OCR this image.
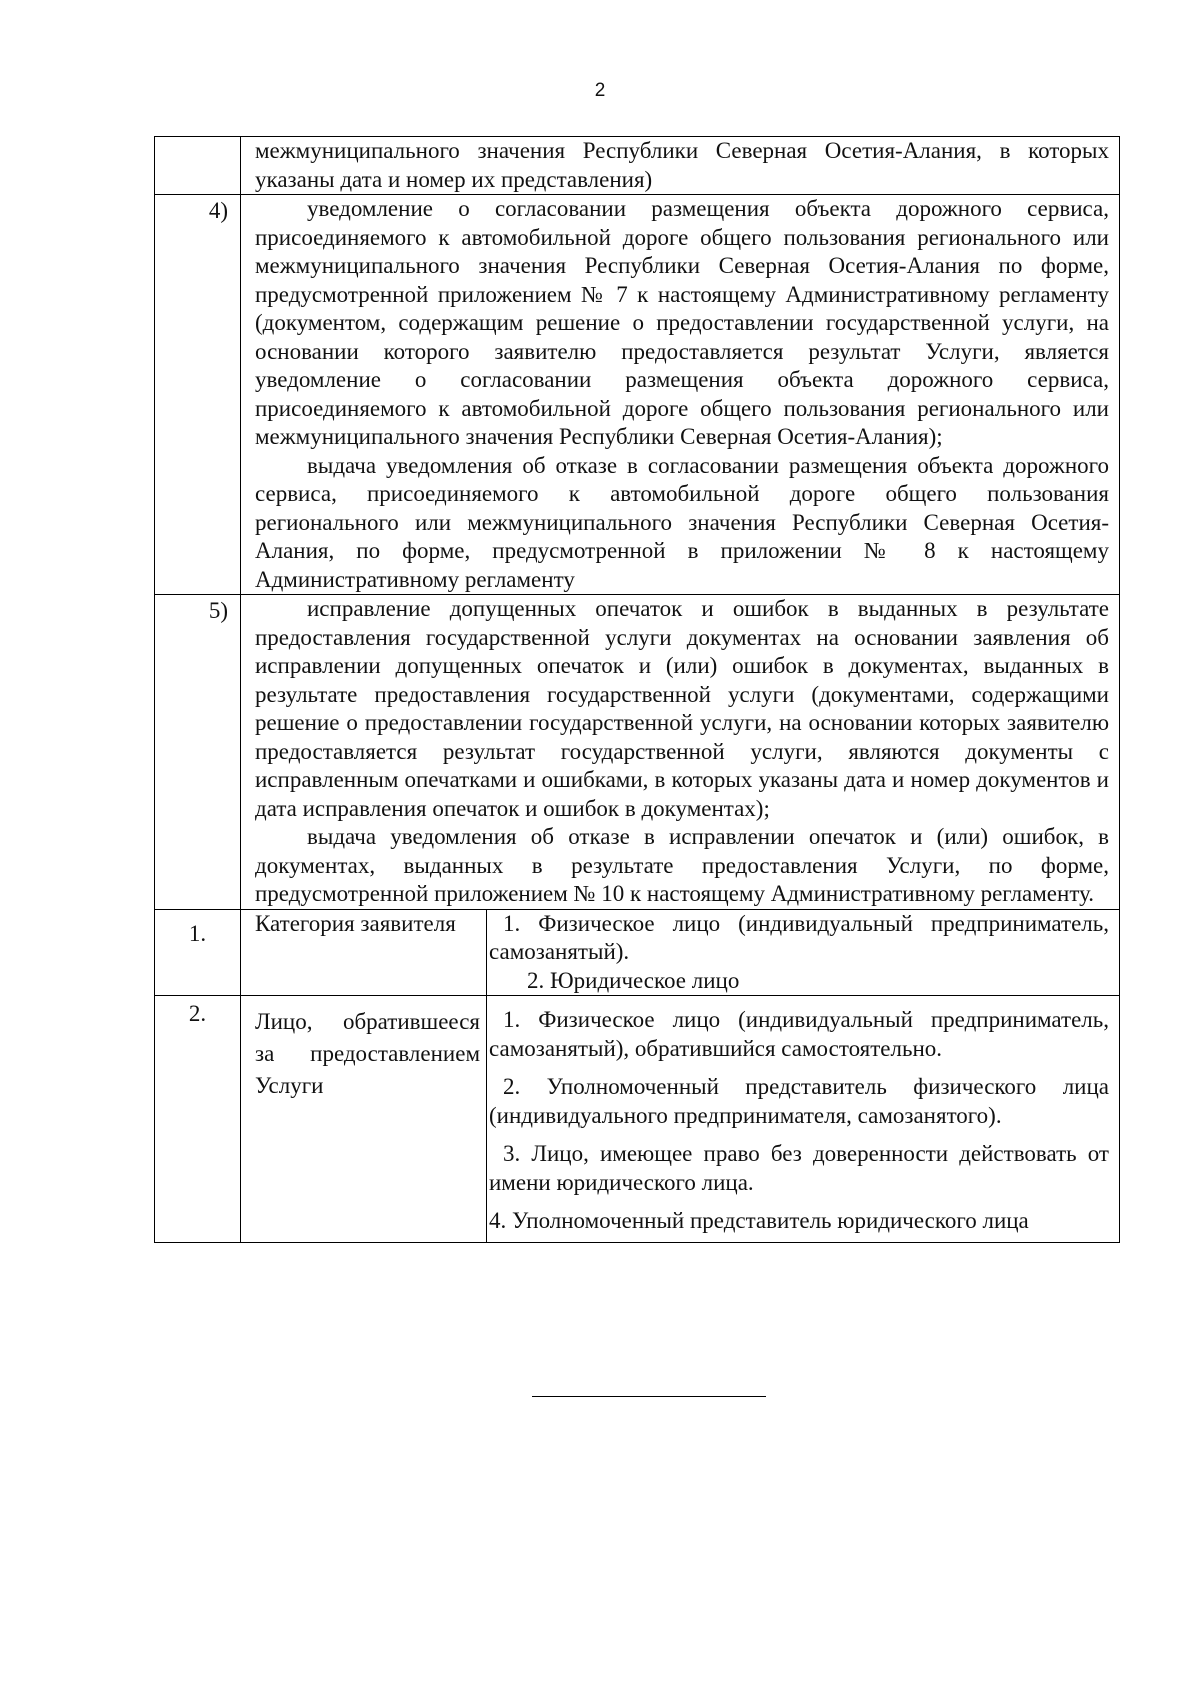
2

	межмуниципального значения Республики Северная Осетия-Алания, в которых указаны дата и номер их представления)	

4)	уведомление о согласовании размещения объекта дорожного сервиса, присоединяемого к автомобильной дороге общего пользования регионального или межмуниципального значения Республики Северная Осетия-Алания по форме, предусмотренной приложением № 7 к настоящему Административному регламенту (документом, содержащим решение о предоставлении государственной услуги, на основании которого заявителю предоставляется результат Услуги, является уведомление о согласовании размещения объекта дорожного сервиса, присоединяемого к автомобильной дороге общего пользования регионального или межмуниципального значения Республики Северная Осетия-Алания);

выдача уведомления об отказе в согласовании размещения объекта дорожного сервиса, присоединяемого к автомобильной дороге общего пользования регионального или межмуниципального значения Республики Северная Осетия-Алания, по форме, предусмотренной в приложении № 8 к настоящему Административному регламенту	

5)	исправление допущенных опечаток и ошибок в выданных в результате предоставления государственной услуги документах на основании заявления об исправлении допущенных опечаток и (или) ошибок в документах, выданных в результате предоставления государственной услуги (документами, содержащими решение о предоставлении государственной услуги, на основании которых заявителю предоставляется результат государственной услуги, являются документы с исправленным опечатками и ошибками, в которых указаны дата и номер документов и дата исправления опечаток и ошибок в документах);

выдача уведомления об отказе в исправлении опечаток и (или) ошибок, в документах, выданных в результате предоставления Услуги, по форме, предусмотренной приложением № 10 к настоящему Административному регламенту.	

1.	Категория заявителя	1. Физическое лицо (индивидуальный предприниматель, самозанятый).

2. Юридическое лицо

2.	Лицо, обратившееся за предоставлением Услуги	1. Физическое лицо (индивидуальный предприниматель, самозанятый), обратившийся самостоятельно.

2. Уполномоченный представитель физического лица (индивидуального предпринимателя, самозанятого).

3. Лицо, имеющее право без доверенности действовать от имени юридического лица.

4. Уполномоченный представитель юридического лица
